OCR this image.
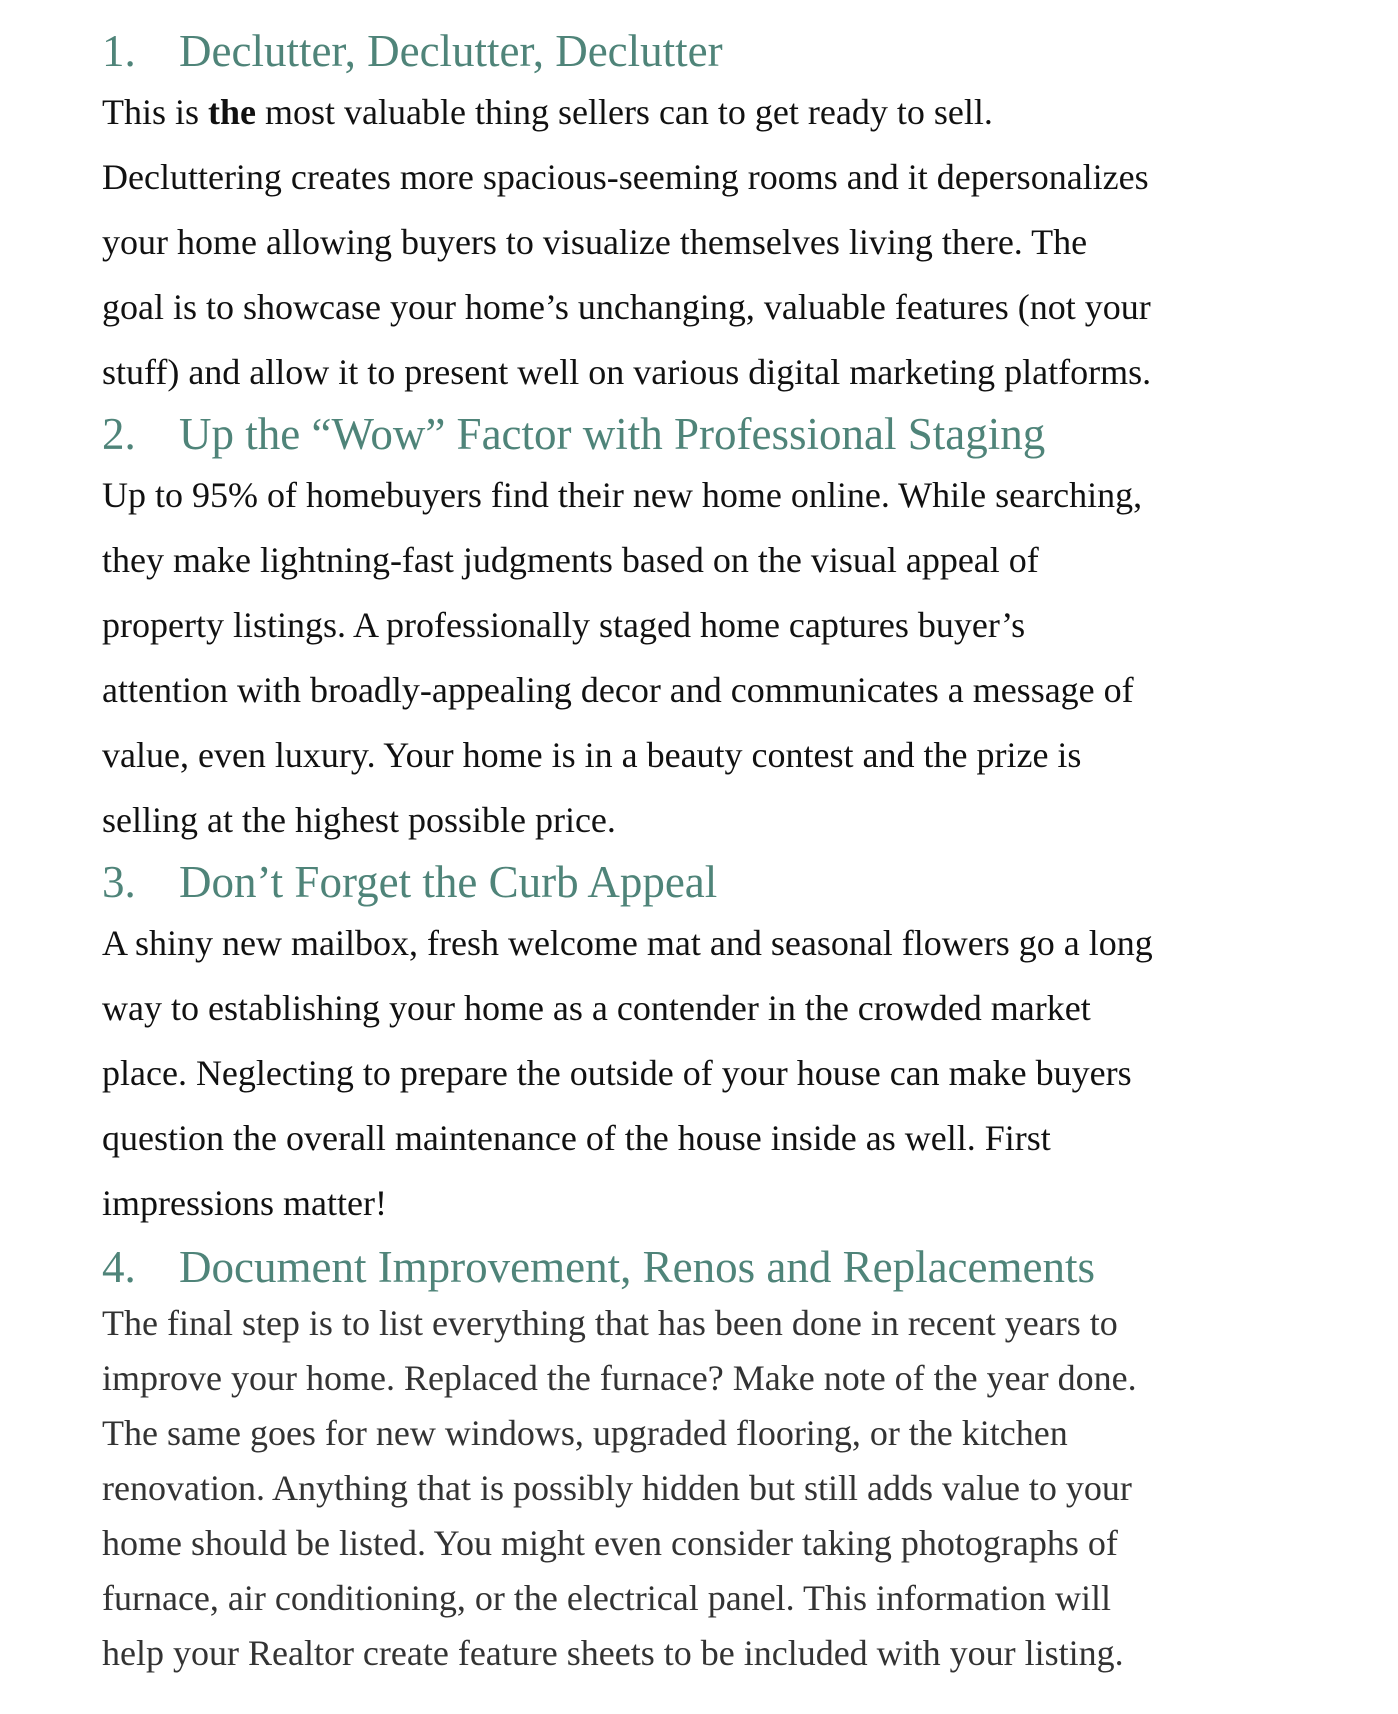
1. Declutter, Declutter, Declutter

This is the most valuable thing sellers can to get ready to sell.
Decluttering creates more spacious-seeming rooms and it depersonalizes
your home allowing buyers to visualize themselves living there. The
goal is to showcase your home’s unchanging, valuable features (not your
stuff) and allow it to present well on various digital marketing platforms.

2. Up the “Wow” Factor with Professional Staging

Up to 95% of homebuyers find their new home online. While searching,
they make lightning-fast judgments based on the visual appeal of
property listings. A professionally staged home captures buyer’s
attention with broadly-appealing decor and communicates a message of
value, even luxury. Your home is in a beauty contest and the prize is
selling at the highest possible price.

3. Don’t Forget the Curb Appeal

A shiny new mailbox, fresh welcome mat and seasonal flowers go a long
way to establishing your home as a contender in the crowded market
place. Neglecting to prepare the outside of your house can make buyers
question the overall maintenance of the house inside as well. First
impressions matter!

4. Document Improvement, Renos and Replacements

The final step is to list everything that has been done in recent years to
improve your home. Replaced the furnace? Make note of the year done.
The same goes for new windows, upgraded flooring, or the kitchen
renovation. Anything that is possibly hidden but still adds value to your
home should be listed. You might even consider taking photographs of
furnace, air conditioning, or the electrical panel. This information will
help your Realtor create feature sheets to be included with your listing.
